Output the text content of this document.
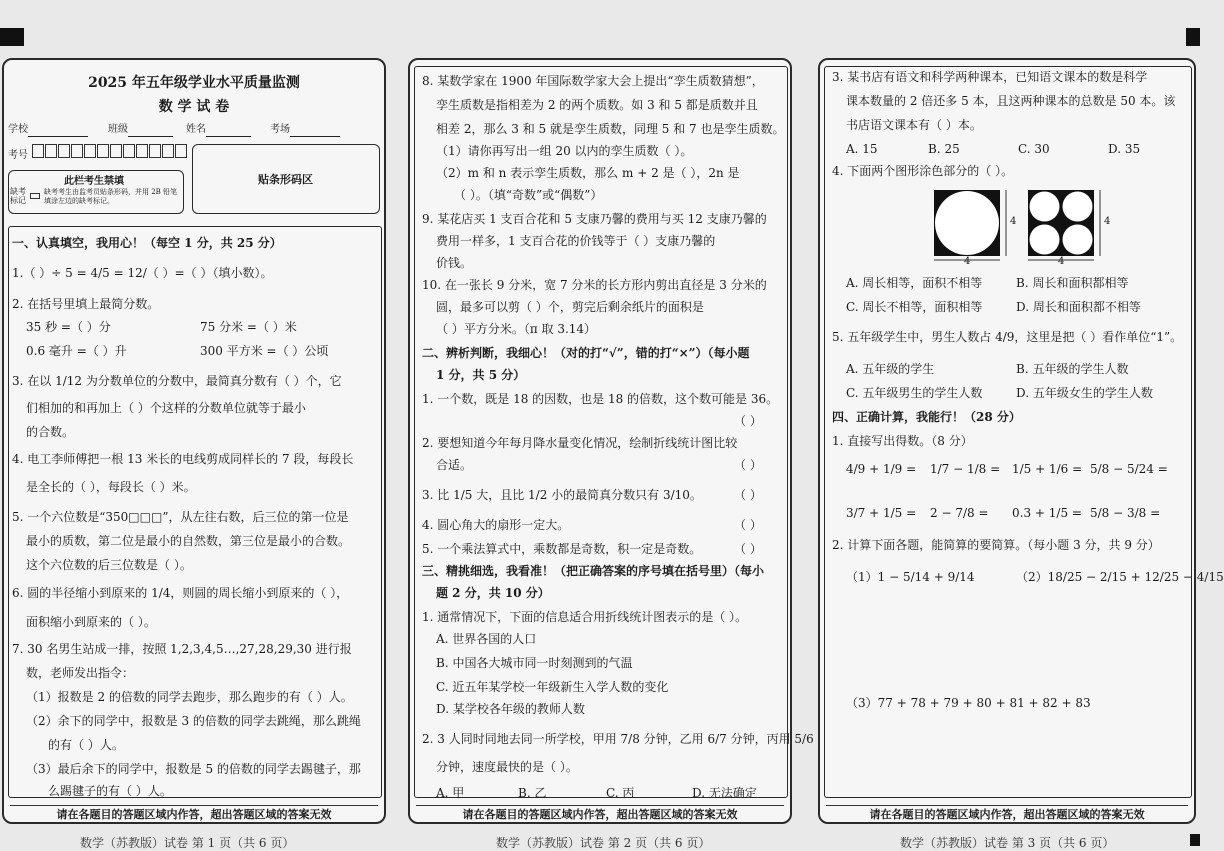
2025 年五年级学业水平质量监测
数 学 试 卷
学校	班级	姓名	考场
考号
此栏考生禁填
缺考
标记
缺考考生由监考员贴条形码，并用 2B 铅笔填涂左边的缺考标记。
贴条形码区
一、认真填空，我用心！（每空 1 分，共 25 分）
1.（ ）÷ 5 = 4/5 = 12/（ ）=（ ）（填小数）。
2. 在括号里填上最简分数。
35 秒 =（ ）分	75 分米 =（ ）米
0.6 毫升 =（ ）升	300 平方米 =（ ）公顷
3. 在以 1/12 为分数单位的分数中，最简真分数有（ ）个，它
们相加的和再加上（ ）个这样的分数单位就等于最小
的合数。
4. 电工李师傅把一根 13 米长的电线剪成同样长的 7 段，每段长
是全长的（ ），每段长（ ）米。
5. 一个六位数是“350□□□”，从左往右数，后三位的第一位是
最小的质数，第二位是最小的自然数，第三位是最小的合数。
这个六位数的后三位数是（ ）。
6. 圆的半径缩小到原来的 1/4，则圆的周长缩小到原来的（ ），
面积缩小到原来的（ ）。
7. 30 名男生站成一排，按照 1,2,3,4,5…,27,28,29,30 进行报
数，老师发出指令：
（1）报数是 2 的倍数的同学去跑步，那么跑步的有（ ）人。
（2）余下的同学中，报数是 3 的倍数的同学去跳绳，那么跳绳
的有（ ）人。
（3）最后余下的同学中，报数是 5 的倍数的同学去踢毽子，那
么踢毽子的有（ ）人。
请在各题目的答题区域内作答，超出答题区域的答案无效
数学（苏教版）试卷 第 1 页（共 6 页）
8. 某数学家在 1900 年国际数学家大会上提出“孪生质数猜想”，
孪生质数是指相差为 2 的两个质数。如 3 和 5 都是质数并且
相差 2，那么 3 和 5 就是孪生质数，同理 5 和 7 也是孪生质数。
（1）请你再写出一组 20 以内的孪生质数（ ）。
（2）m 和 n 表示孪生质数，那么 m + 2 是（ ），2n 是
（ ）。（填“奇数”或“偶数”）
9. 某花店买 1 支百合花和 5 支康乃馨的费用与买 12 支康乃馨的
费用一样多，1 支百合花的价钱等于（ ）支康乃馨的
价钱。
10. 在一张长 9 分米，宽 7 分米的长方形内剪出直径是 3 分米的
圆，最多可以剪（ ）个，剪完后剩余纸片的面积是
（ ）平方分米。（π 取 3.14）
二、辨析判断，我细心！（对的打“√”，错的打“×”）（每小题
1 分，共 5 分）
1. 一个数，既是 18 的因数，也是 18 的倍数，这个数可能是 36。
（ ）
2. 要想知道今年每月降水量变化情况，绘制折线统计图比较
合适。	（ ）
3. 比 1/5 大，且比 1/2 小的最简真分数只有 3/10。	（ ）
4. 圆心角大的扇形一定大。	（ ）
5. 一个乘法算式中，乘数都是奇数，积一定是奇数。	（ ）
三、精挑细选，我看准！（把正确答案的序号填在括号里）（每小
题 2 分，共 10 分）
1. 通常情况下，下面的信息适合用折线统计图表示的是（ ）。
A. 世界各国的人口
B. 中国各大城市同一时刻测到的气温
C. 近五年某学校一年级新生入学人数的变化
D. 某学校各年级的教师人数
2. 3 人同时同地去同一所学校，甲用 7/8 分钟，乙用 6/7 分钟，丙用 5/6
分钟，速度最快的是（ ）。
A. 甲	B. 乙	C. 丙	D. 无法确定
请在各题目的答题区域内作答，超出答题区域的答案无效
数学（苏教版）试卷 第 2 页（共 6 页）
3. 某书店有语文和科学两种课本，已知语文课本的数是科学
课本数量的 2 倍还多 5 本，且这两种课本的总数是 50 本。该
书店语文课本有（ ）本。
A. 15	B. 25	C. 30	D. 35
4. 下面两个图形涂色部分的（ ）。
4
4
4
4
A. 周长相等，面积不相等	B. 周长和面积都相等
C. 周长不相等，面积相等	D. 周长和面积都不相等
5. 五年级学生中，男生人数占 4/9，这里是把（ ）看作单位“1”。
A. 五年级的学生	B. 五年级的学生人数
C. 五年级男生的学生人数	D. 五年级女生的学生人数
四、正确计算，我能行！（28 分）
1. 直接写出得数。（8 分）
4/9 + 1/9 = 1/7 − 1/8 = 1/5 + 1/6 = 5/8 − 5/24 =
3/7 + 1/5 = 2 − 7/8 = 0.3 + 1/5 = 5/8 − 3/8 =
2. 计算下面各题，能简算的要简算。（每小题 3 分，共 9 分）
（1）1 − 5/14 + 9/14	（2）18/25 − 2/15 + 12/25 − 4/15
（3）77 + 78 + 79 + 80 + 81 + 82 + 83
请在各题目的答题区域内作答，超出答题区域的答案无效
数学（苏教版）试卷 第 3 页（共 6 页）
